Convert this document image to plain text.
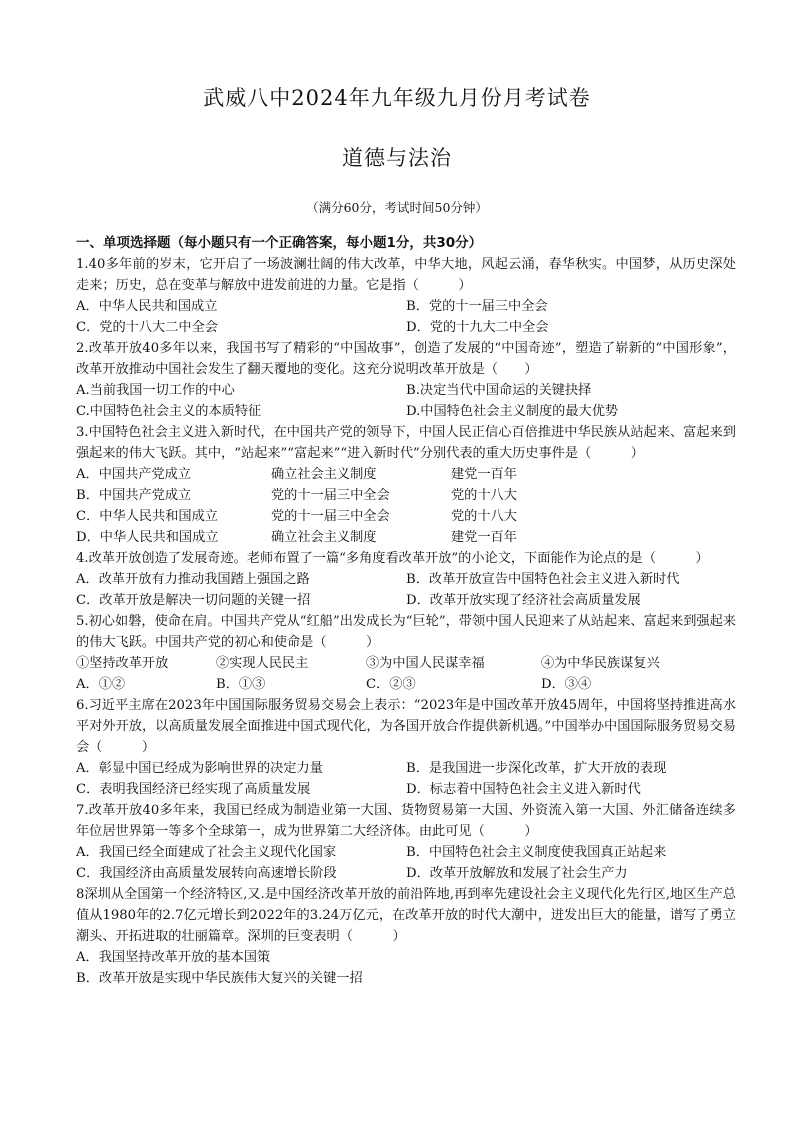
武威八中2024年九年级九月份月考试卷
道德与法治
（满分60分，考试时间50分钟）
一、单项选择题（每小题只有一个正确答案，每小题1分，共30分）
1.40多年前的岁末，它开启了一场波澜壮阔的伟大改革，中华大地，风起云涌，春华秋实。中国梦，从历史深处走来；历史，总在变革与解放中进发前进的力量。它是指（　　　）
A．中华人民共和国成立	B．党的十一届三中全会
C．党的十八大二中全会	D．党的十九大二中全会
2.改革开放40多年以来，我国书写了精彩的“中国故事”，创造了发展的“中国奇迹”，塑造了崭新的“中国形象”，改革开放推动中国社会发生了翻天覆地的变化。这充分说明改革开放是（　　）
A.当前我国一切工作的中心	B.决定当代中国命运的关键抉择
C.中国特色社会主义的本质特征	D.中国特色社会主义制度的最大优势
3.中国特色社会主义进入新时代，在中国共产党的领导下，中国人民正信心百倍推进中华民族从站起来、富起来到强起来的伟大飞跃。其中，“站起来”“富起来”“进入新时代”分别代表的重大历史事件是（　　　）
A．中国共产党成立	确立社会主义制度	建党一百年
B．中国共产党成立	党的十一届三中全会	党的十八大
C．中华人民共和国成立	党的十一届三中全会	党的十八大
D．中华人民共和国成立	确立社会主义制度	建党一百年
4.改革开放创造了发展奇迹。老师布置了一篇“多角度看改革开放”的小论文，下面能作为论点的是（　　　）
A．改革开放有力推动我国踏上强国之路	B．改革开放宣告中国特色社会主义进入新时代
C．改革开放是解决一切问题的关键一招	D．改革开放实现了经济社会高质量发展
5.初心如磐，使命在肩。中国共产党从“红船”出发成长为“巨轮”，带领中国人民迎来了从站起来、富起来到强起来的伟大飞跃。中国共产党的初心和使命是（　　　）
①坚持改革开放	②实现人民民主	③为中国人民谋幸福	④为中华民族谋复兴
A．①②	B．①③	C．②③	D．③④
6.习近平主席在2023年中国国际服务贸易交易会上表示：“2023年是中国改革开放45周年，中国将坚持推进高水平对外开放，以高质量发展全面推进中国式现代化，为各国开放合作提供新机遇。”中国举办中国国际服务贸易交易会（　　　）
A．彰显中国已经成为影响世界的决定力量	B．是我国进一步深化改革，扩大开放的表现
C．表明我国经济已经实现了高质量发展	D．标志着中国特色社会主义进入新时代
7.改革开放40多年来，我国已经成为制造业第一大国、货物贸易第一大国、外资流入第一大国、外汇储备连续多年位居世界第一等多个全球第一，成为世界第二大经济体。由此可见（　　　）
A．我国已经全面建成了社会主义现代化国家	B．中国特色社会主义制度使我国真正站起来
C．我国经济由高质量发展转向高速增长阶段	D．改革开放解放和发展了社会生产力
8深圳从全国第一个经济特区,又.是中国经济改革开放的前沿阵地,再到率先建设社会主义现代化先行区,地区生产总值从1980年的2.7亿元增长到2022年的3.24万亿元，在改革开放的时代大潮中，迸发出巨大的能量，谱写了勇立潮头、开拓进取的壮丽篇章。深圳的巨变表明（　　　）
A．我国坚持改革开放的基本国策
B．改革开放是实现中华民族伟大复兴的关键一招
